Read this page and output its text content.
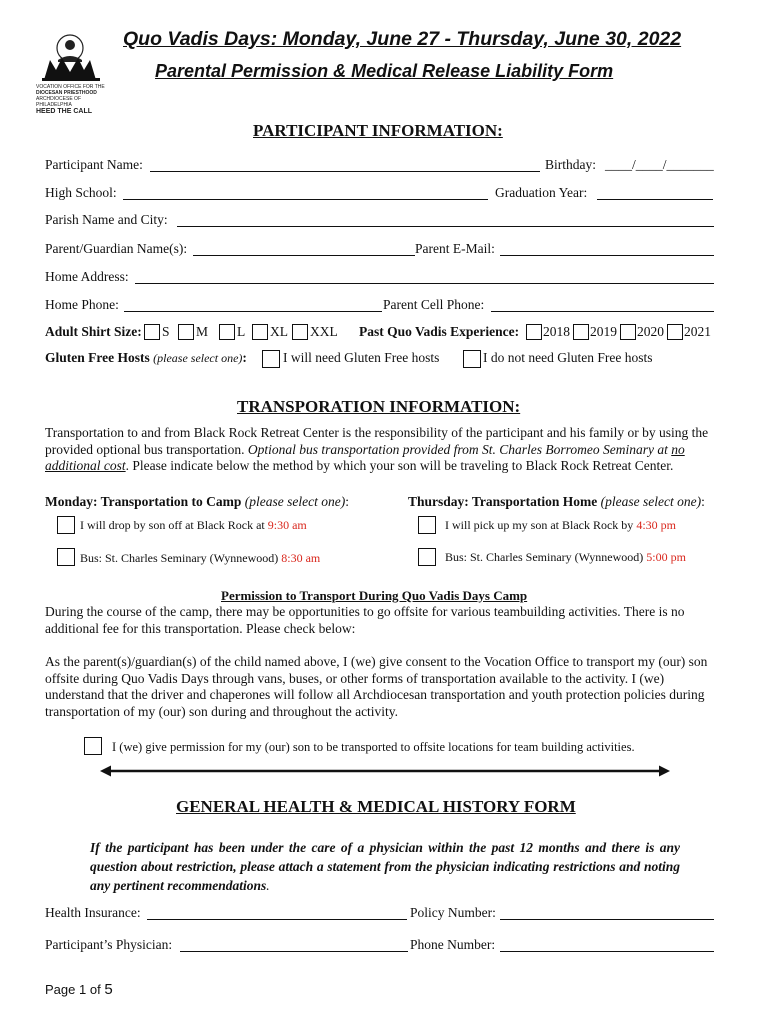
VOCATION OFFICE FOR THE
DIOCESAN PRIESTHOOD
ARCHDIOCESE OF PHILADELPHIA
HEED THE CALL
Quo Vadis Days: Monday, June 27 - Thursday, June 30, 2022
Parental Permission & Medical Release Liability Form
PARTICIPANT INFORMATION:
Participant Name:	Birthday: ____/____/_______
High School:	Graduation Year:
Parish Name and City:
Parent/Guardian Name(s):	Parent E-Mail:
Home Address:
Home Phone:	Parent Cell Phone:
Adult Shirt Size: S M L XL XXL Past Quo Vadis Experience: 2018 2019 2020 2021
Gluten Free Hosts (please select one):	I will need Gluten Free hosts	I do not need Gluten Free hosts
TRANSPORATION INFORMATION:
Transportation to and from Black Rock Retreat Center is the responsibility of the participant and his family or by using the provided optional bus transportation. Optional bus transportation provided from St. Charles Borromeo Seminary at no additional cost. Please indicate below the method by which your son will be traveling to Black Rock Retreat Center.
Monday: Transportation to Camp (please select one):	Thursday: Transportation Home (please select one):
I will drop by son off at Black Rock at 9:30 am
Bus: St. Charles Seminary (Wynnewood) 8:30 am
I will pick up my son at Black Rock by 4:30 pm
Bus: St. Charles Seminary (Wynnewood) 5:00 pm
Permission to Transport During Quo Vadis Days Camp
During the course of the camp, there may be opportunities to go offsite for various teambuilding activities. There is no additional fee for this transportation. Please check below:
As the parent(s)/guardian(s) of the child named above, I (we) give consent to the Vocation Office to transport my (our) son offsite during Quo Vadis Days through vans, buses, or other forms of transportation available to the activity. I (we) understand that the driver and chaperones will follow all Archdiocesan transportation and youth protection policies during transportation of my (our) son during and throughout the activity.
I (we) give permission for my (our) son to be transported to offsite locations for team building activities.
GENERAL HEALTH & MEDICAL HISTORY FORM
If the participant has been under the care of a physician within the past 12 months and there is any question about restriction, please attach a statement from the physician indicating restrictions and noting any pertinent recommendations.
Health Insurance:	Policy Number:
Participant’s Physician:	Phone Number:
Page 1 of 5
